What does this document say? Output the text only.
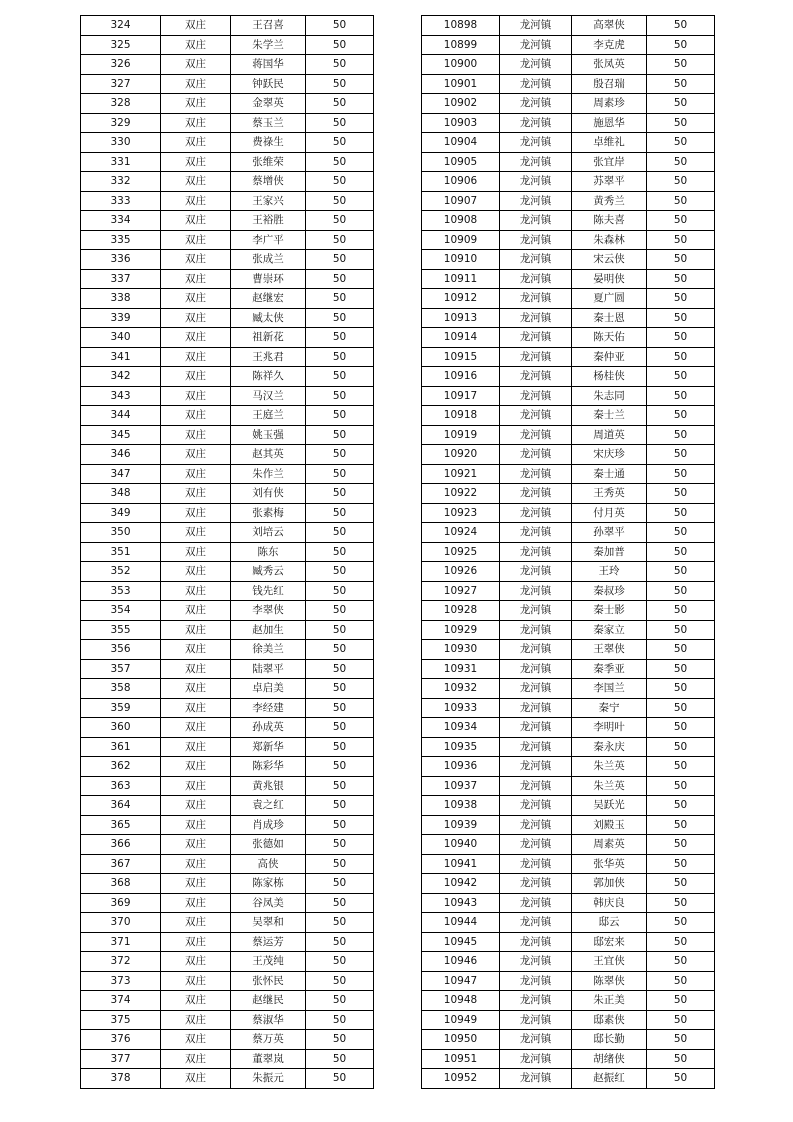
324	双庄	王召喜	50
325	双庄	朱学兰	50
326	双庄	蒋国华	50
327	双庄	钟跃民	50
328	双庄	金翠英	50
329	双庄	蔡玉兰	50
330	双庄	费祿生	50
331	双庄	张维荣	50
332	双庄	蔡增侠	50
333	双庄	王家兴	50
334	双庄	王裕胜	50
335	双庄	李广平	50
336	双庄	张成兰	50
337	双庄	曹崇环	50
338	双庄	赵继宏	50
339	双庄	臧太侠	50
340	双庄	祖新花	50
341	双庄	王兆君	50
342	双庄	陈祥久	50
343	双庄	马汉兰	50
344	双庄	王庭兰	50
345	双庄	姚玉强	50
346	双庄	赵其英	50
347	双庄	朱作兰	50
348	双庄	刘有侠	50
349	双庄	张素梅	50
350	双庄	刘培云	50
351	双庄	陈东	50
352	双庄	臧秀云	50
353	双庄	钱先红	50
354	双庄	李翠侠	50
355	双庄	赵加生	50
356	双庄	徐美兰	50
357	双庄	陆翠平	50
358	双庄	卓启美	50
359	双庄	李经建	50
360	双庄	孙成英	50
361	双庄	郑新华	50
362	双庄	陈彩华	50
363	双庄	黄兆银	50
364	双庄	袁之红	50
365	双庄	肖成珍	50
366	双庄	张德如	50
367	双庄	高侠	50
368	双庄	陈家栋	50
369	双庄	谷凤美	50
370	双庄	吴翠和	50
371	双庄	蔡运芳	50
372	双庄	王茂纯	50
373	双庄	张怀民	50
374	双庄	赵继民	50
375	双庄	蔡淑华	50
376	双庄	蔡万英	50
377	双庄	董翠岚	50
378	双庄	朱振元	50
10898	龙河镇	高翠侠	50
10899	龙河镇	李克虎	50
10900	龙河镇	张凤英	50
10901	龙河镇	殷召瑞	50
10902	龙河镇	周素珍	50
10903	龙河镇	施恩华	50
10904	龙河镇	卓维礼	50
10905	龙河镇	张宜岸	50
10906	龙河镇	苏翠平	50
10907	龙河镇	黄秀兰	50
10908	龙河镇	陈夫喜	50
10909	龙河镇	朱森林	50
10910	龙河镇	宋云侠	50
10911	龙河镇	晏明侠	50
10912	龙河镇	夏广圆	50
10913	龙河镇	秦士恩	50
10914	龙河镇	陈天佑	50
10915	龙河镇	秦仲亚	50
10916	龙河镇	杨桂侠	50
10917	龙河镇	朱志同	50
10918	龙河镇	秦士兰	50
10919	龙河镇	周道英	50
10920	龙河镇	宋庆珍	50
10921	龙河镇	秦士通	50
10922	龙河镇	王秀英	50
10923	龙河镇	付月英	50
10924	龙河镇	孙翠平	50
10925	龙河镇	秦加普	50
10926	龙河镇	王玲	50
10927	龙河镇	秦叔珍	50
10928	龙河镇	秦士影	50
10929	龙河镇	秦家立	50
10930	龙河镇	王翠侠	50
10931	龙河镇	秦季亚	50
10932	龙河镇	李国兰	50
10933	龙河镇	秦宁	50
10934	龙河镇	李明叶	50
10935	龙河镇	秦永庆	50
10936	龙河镇	朱兰英	50
10937	龙河镇	朱兰英	50
10938	龙河镇	吴跃光	50
10939	龙河镇	刘殿玉	50
10940	龙河镇	周素英	50
10941	龙河镇	张华英	50
10942	龙河镇	郭加侠	50
10943	龙河镇	韩庆良	50
10944	龙河镇	邸云	50
10945	龙河镇	邸宏来	50
10946	龙河镇	王宜侠	50
10947	龙河镇	陈翠侠	50
10948	龙河镇	朱正美	50
10949	龙河镇	邸素侠	50
10950	龙河镇	邸长勤	50
10951	龙河镇	胡绪侠	50
10952	龙河镇	赵振红	50
